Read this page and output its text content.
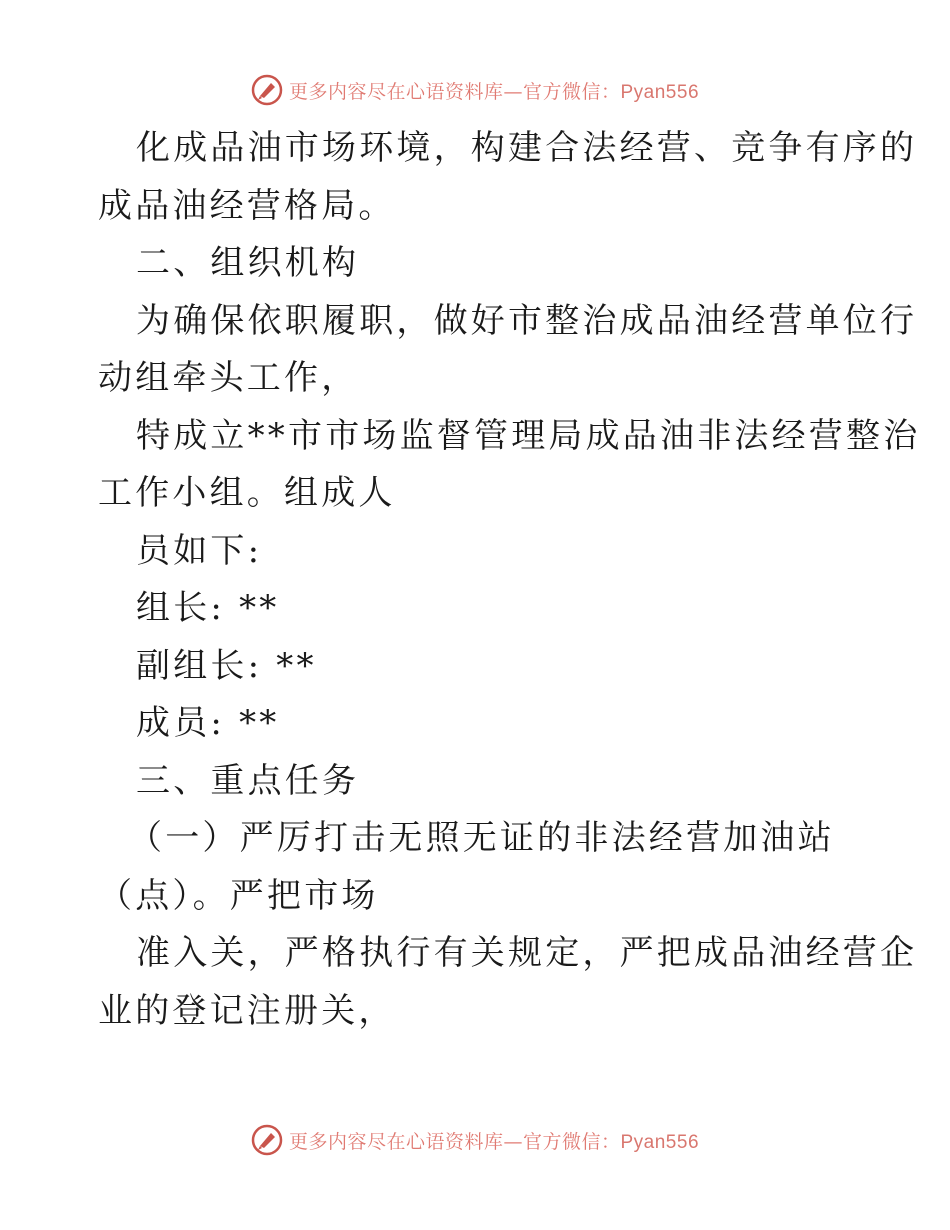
更多内容尽在心语资料库—官方微信：Pyan556
化成品油市场环境，构建合法经营、竞争有序的
成品油经营格局。
二、组织机构
为确保依职履职，做好市整治成品油经营单位行
动组牵头工作，
特成立**市市场监督管理局成品油非法经营整治
工作小组。组成人
员如下:
组长: **
副组长: **
成员: **
三、重点任务
（一）严厉打击无照无证的非法经营加油站
（点）。严把市场
准入关，严格执行有关规定，严把成品油经营企
业的登记注册关，
更多内容尽在心语资料库—官方微信：Pyan556
